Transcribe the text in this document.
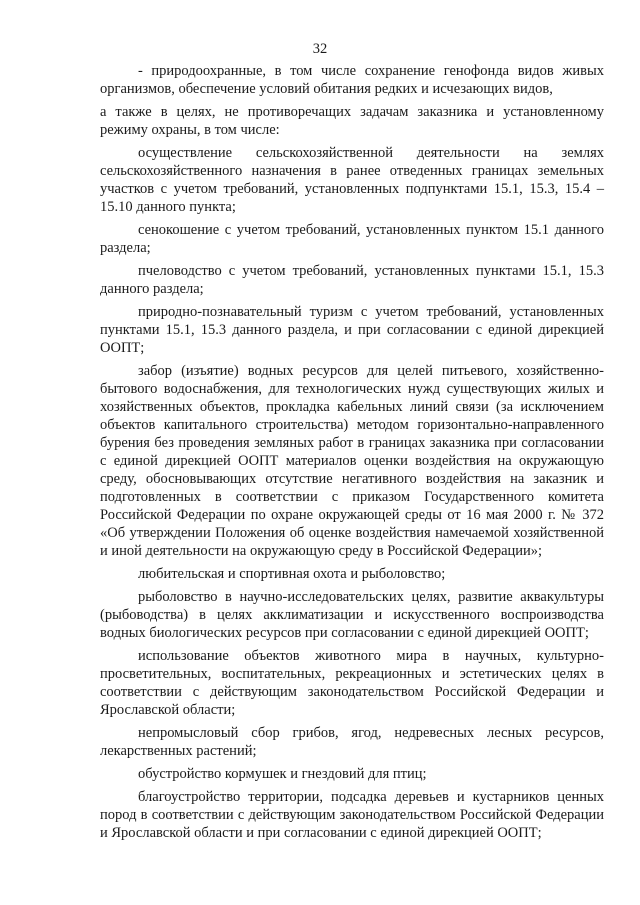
32

- природоохранные, в том числе сохранение генофонда видов живых организмов, обеспечение условий обитания редких и исчезающих видов,

а также в целях, не противоречащих задачам заказника и установленному режиму охраны, в том числе:

осуществление сельскохозяйственной деятельности на землях сельскохозяйственного назначения в ранее отведенных границах земельных участков с учетом требований, установленных подпунктами 15.1, 15.3, 15.4 – 15.10 данного пункта;

сенокошение с учетом требований, установленных пунктом 15.1 данного раздела;

пчеловодство с учетом требований, установленных пунктами 15.1, 15.3 данного раздела;

природно-познавательный туризм с учетом требований, установленных пунктами 15.1, 15.3 данного раздела, и при согласовании с единой дирекцией ООПТ;

забор (изъятие) водных ресурсов для целей питьевого, хозяйственно-бытового водоснабжения, для технологических нужд существующих жилых и хозяйственных объектов, прокладка кабельных линий связи (за исключением объектов капитального строительства) методом горизонтально-направленного бурения без проведения земляных работ в границах заказника при согласовании с единой дирекцией ООПТ материалов оценки воздействия на окружающую среду, обосновывающих отсутствие негативного воздействия на заказник и подготовленных в соответствии с приказом Государственного комитета Российской Федерации по охране окружающей среды от 16 мая 2000 г. № 372 «Об утверждении Положения об оценке воздействия намечаемой хозяйственной и иной деятельности на окружающую среду в Российской Федерации»;

любительская и спортивная охота и рыболовство;

рыболовство в научно-исследовательских целях, развитие аквакультуры (рыбоводства) в целях акклиматизации и искусственного воспроизводства водных биологических ресурсов при согласовании с единой дирекцией ООПТ;

использование объектов животного мира в научных, культурно-просветительных, воспитательных, рекреационных и эстетических целях в соответствии с действующим законодательством Российской Федерации и Ярославской области;

непромысловый сбор грибов, ягод, недревесных лесных ресурсов, лекарственных растений;

обустройство кормушек и гнездовий для птиц;

благоустройство территории, подсадка деревьев и кустарников ценных пород в соответствии с действующим законодательством Российской Федерации и Ярославской области и при согласовании с единой дирекцией ООПТ;
